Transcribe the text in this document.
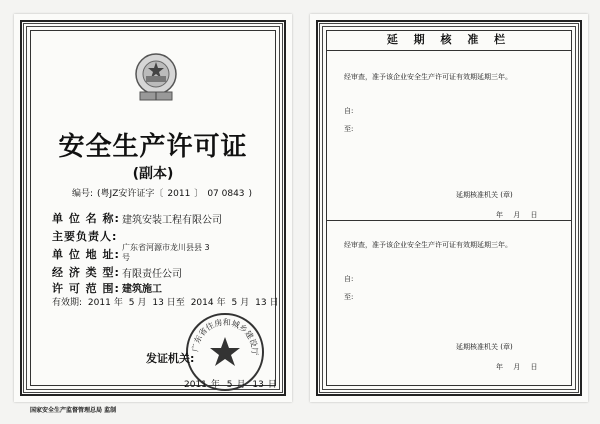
安全生产许可证
(副本)
编号: (粤JZ安许证字〔 2011 〕 07 0843 )
单 位 名 称: 建筑安装工程有限公司
主要负责人:
单 位 地 址:
广东省河源市龙川县县 3号
经 济 类 型: 有限责任公司
许 可 范 围: 建筑施工
有效期: 2011 年 5 月 13 日至 2014 年 5 月 13 日
广东省住房和城乡建设厅
发证机关:
2011 年 5 月 13 日
国家安全生产监督管理总局 监制
延 期 核 准 栏
经审查，准予该企业安全生产许可证有效期延期三年。
自:
至:
延期核准机关 (章)
年 月 日
经审查，准予该企业安全生产许可证有效期延期三年。
自:
至:
延期核准机关 (章)
年 月 日
